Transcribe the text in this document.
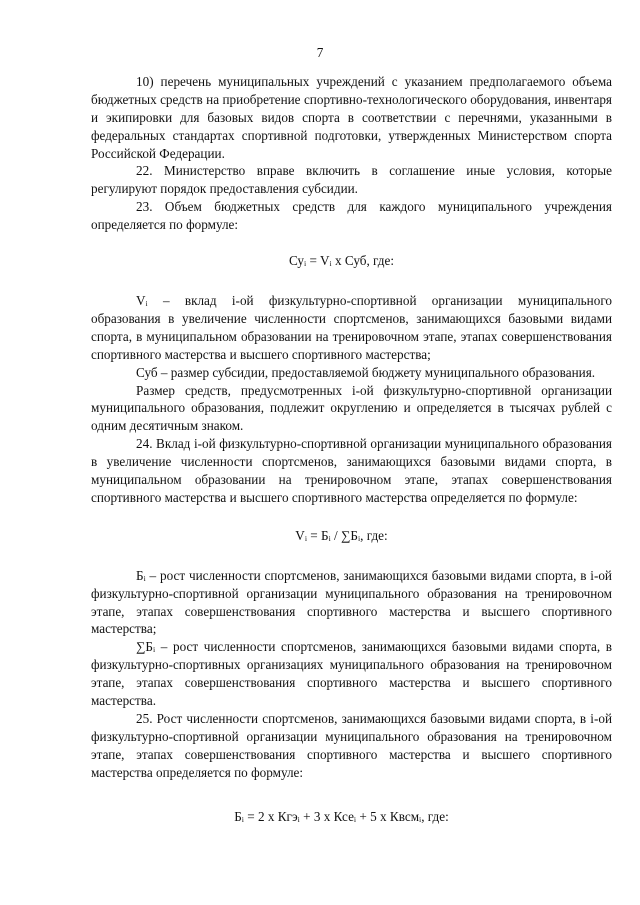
7

10) перечень муниципальных учреждений с указанием предполагаемого объема бюджетных средств на приобретение спортивно-технологического оборудования, инвентаря и экипировки для базовых видов спорта в соответствии с перечнями, указанными в федеральных стандартах спортивной подготовки, утвержденных Министерством спорта Российской Федерации.

22. Министерство вправе включить в соглашение иные условия, которые регулируют порядок предоставления субсидии.

23. Объем бюджетных средств для каждого муниципального учреждения определяется по формуле:

Суᵢ = Vᵢ х Суб, где:

Vᵢ – вклад i-ой физкультурно-спортивной организации муниципального образования в увеличение численности спортсменов, занимающихся базовыми видами спорта, в муниципальном образовании на тренировочном этапе, этапах совершенствования спортивного мастерства и высшего спортивного мастерства;

Суб – размер субсидии, предоставляемой бюджету муниципального образования.

Размер средств, предусмотренных i-ой физкультурно-спортивной организации муниципального образования, подлежит округлению и определяется в тысячах рублей с одним десятичным знаком.

24. Вклад i-ой физкультурно-спортивной организации муниципального образования в увеличение численности спортсменов, занимающихся базовыми видами спорта, в муниципальном образовании на тренировочном этапе, этапах совершенствования спортивного мастерства и высшего спортивного мастерства определяется по формуле:

Vᵢ = Бᵢ / ∑Бᵢ, где:

Бᵢ – рост численности спортсменов, занимающихся базовыми видами спорта, в i-ой физкультурно-спортивной организации муниципального образования на тренировочном этапе, этапах совершенствования спортивного мастерства и высшего спортивного мастерства;

∑Бᵢ – рост численности спортсменов, занимающихся базовыми видами спорта, в физкультурно-спортивных организациях муниципального образования на тренировочном этапе, этапах совершенствования спортивного мастерства и высшего спортивного мастерства.

25. Рост численности спортсменов, занимающихся базовыми видами спорта, в i-ой физкультурно-спортивной организации муниципального образования на тренировочном этапе, этапах совершенствования спортивного мастерства и высшего спортивного мастерства определяется по формуле:

Бᵢ = 2 х Кгэᵢ + 3 х Ксеᵢ + 5 х Квсмᵢ, где:
